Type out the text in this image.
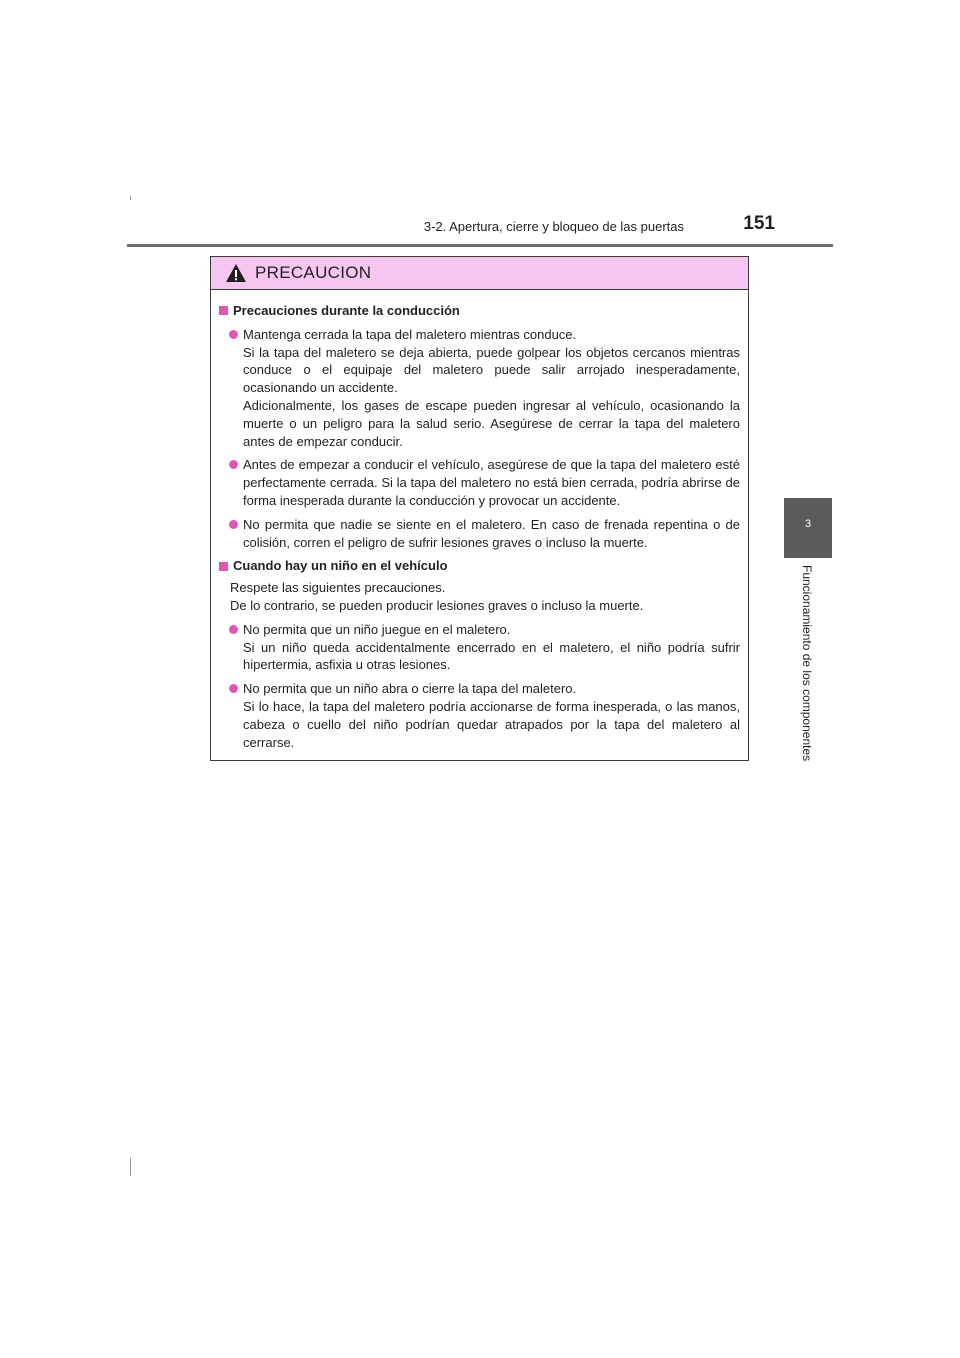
3-2. Apertura, cierre y bloqueo de las puertas	151
3
Funcionamiento de los componentes
PRECAUCION
Precauciones durante la conducción

Mantenga cerrada la tapa del maletero mientras conduce.

Si la tapa del maletero se deja abierta, puede golpear los objetos cercanos mientras conduce o el equipaje del maletero puede salir arrojado inesperadamente, ocasionando un accidente.

Adicionalmente, los gases de escape pueden ingresar al vehículo, ocasionando la muerte o un peligro para la salud serio. Asegúrese de cerrar la tapa del maletero antes de empezar conducir.

Antes de empezar a conducir el vehículo, asegúrese de que la tapa del maletero esté perfectamente cerrada. Si la tapa del maletero no está bien cerrada, podría abrirse de forma inesperada durante la conducción y provocar un accidente.

No permita que nadie se siente en el maletero. En caso de frenada repentina o de colisión, corren el peligro de sufrir lesiones graves o incluso la muerte.

Cuando hay un niño en el vehículo

Respete las siguientes precauciones.

De lo contrario, se pueden producir lesiones graves o incluso la muerte.

No permita que un niño juegue en el maletero.

Si un niño queda accidentalmente encerrado en el maletero, el niño podría sufrir hipertermia, asfixia u otras lesiones.

No permita que un niño abra o cierre la tapa del maletero.

Si lo hace, la tapa del maletero podría accionarse de forma inesperada, o las manos, cabeza o cuello del niño podrían quedar atrapados por la tapa del maletero al cerrarse.
